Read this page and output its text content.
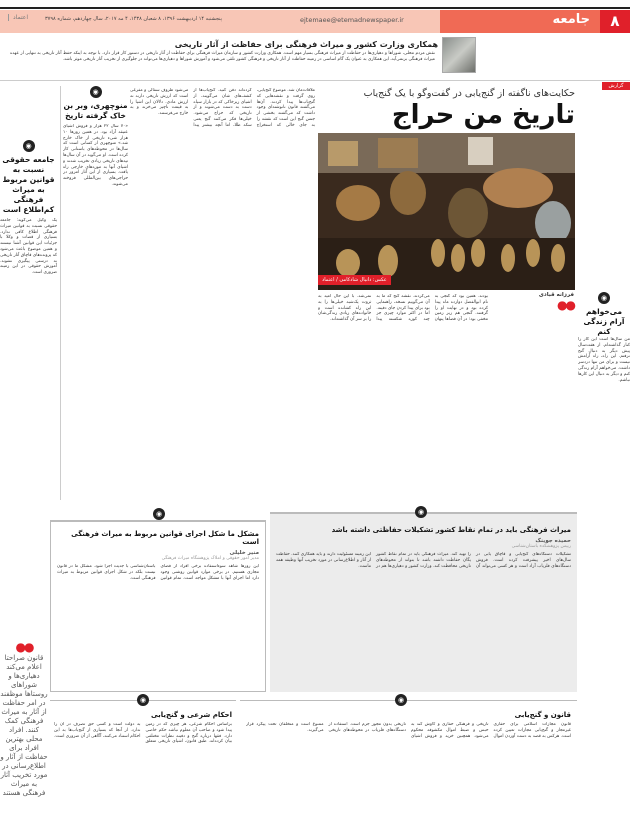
۸
جامعه
ejtemaee@etemadnewspaper.ir
پنجشنبه ۱۴ اردیبهشت ۱۳۹۶، ۸ شعبان ۱۴۳۸، ۴ مه ۲۰۱۷، سال چهاردهم، شماره ۳۷۹۸
اعتماد
همکاری وزارت کشور و میراث فرهنگی برای حفاظت از آثار تاریخی
نقش مردم محلی، شوراها و دهیاری‌ها در حفاظت از میراث فرهنگی بسیار مهم است. همکاری وزارت کشور و سازمان میراث فرهنگی برای حفاظت از آثار تاریخی در دستور کار قرار دارد. با توجه به اینکه حفظ آثار تاریخی به تنهایی از عهده میراث فرهنگی برنمی‌آید، این همکاری به عنوان یک گام اساسی در زمینه حفاظت از آثار تاریخی و فرهنگی کشور تلقی می‌شود و آموزش شوراها و دهیاری‌ها می‌تواند در جلوگیری از تخریب آثار تاریخی موثر باشد.
گزارش
حکایت‌های ناگفته از گنج‌یابی در گفت‌وگو با یک گنج‌یاب
تاریخ من حراج
عکس: دانیال شادکامی / اعتماد
ملاقات‌مان شد. موضوع گنج‌یابی، روی گرفت و نقشه‌هایی که گنج‌یاب‌ها پیدا کردند. آن‌ها می‌گفتند قانون نانوشته‌ای وجود داشت که می‌گفتند بخشی از جنس گنج این است که نقشه را به جای خالی که استخراج کرده‌اند دفن کنید. گنج‌یاب‌ها از کشف‌های شان می‌گویند، از اشیای زیرخاکی که در بازار سیاه دست به دست می‌شوند و از تاریخی که حراج می‌شود. خیلی‌ها فکر می‌کنند گنج یعنی سکه طلا، اما آنچه بیشتر پیدا می‌شود ظروف سفالی و مفرغی است که ارزش تاریخی دارند نه ارزش مادی. دلالان این اشیا را به قیمت ناچیز می‌خرند و به خارج می‌فرستند.
بودند. همین بود که گنجی به نام ابوالفضل دوازده ماه پیدا کرده بود و در نهایت او را گرفتند. گنجی هم زیر زمین مخفی بود؛ در آن فضاها پنهان می‌کردند. نقشه گنج که ما به آن می‌گوییم نسخه، راهنمایی بود برای پیدا کردن جای دفینه. اما در اکثر موارد چیزی جز چند کوزه شکسته پیدا نمی‌شد. با این حال امید به ثروت یک‌شبه خیلی‌ها را به این راه کشانده است و خانواده‌های زیادی زندگی‌شان را بر سر آن گذاشته‌اند.
فرزانه قبادی
●●	◉
می‌خواهم آرام زندگی کنم
من سال‌ها است این کار را کنار گذاشته‌ام. از هفت‌سال پیش دیگر به دنبال گنج نرفتم. این راه، راه آرامش نیست و برای من تنها دردسر داشت. می‌خواهم آرام زندگی کنم و دیگر به دنبال این کارها نباشم.
◉
منوچهری، وبر بن خاک گرفته تاریخ
«۷۰ سال ۲۲ هزار و فروش اشیای عتیقه آزاد بود. در همین روزها ۱۰ هزار شیء تاریخی از خاک خارج شد.» منوچهری از کسانی است که سال‌ها در محوطه‌های باستانی کار کرده است. او می‌گوید در آن سال‌ها تپه‌های تاریخی زیادی تخریب شدند و اشیای آنها به موزه‌های خارجی راه یافت. بسیاری از این آثار امروز در حراجی‌های بین‌المللی فروخته می‌شوند.
◉
جامعه حقوقی نسبت به قوانین مربوط به میراث فرهنگی کم‌اطلاع است
یک وکیل می‌گوید: جامعه حقوقی نسبت به قوانین میراث فرهنگی اطلاع کافی ندارد. بسیاری از قضات و وکلا با جزئیات این قوانین آشنا نیستند و همین موضوع باعث می‌شود که پرونده‌های قاچاق آثار تاریخی به درستی پیگیری نشوند. آموزش حقوقی در این زمینه ضروری است.
◉
میراث فرهنگی باید در تمام نقاط کشور تشکیلات حفاظتی داشته باشد
حمیده جوینک
رییس پژوهشکده باستان‌شناسی
تشکیلات دستگاه‌های گنج‌یابی و قاچاق یابی در سال‌های اخیر پیشرفت کرده است. فروش دستگاه‌های فلزیاب آزاد است و هر کسی می‌تواند آن را تهیه کند. میراث فرهنگی باید در تمام نقاط کشور یگان حفاظت داشته باشد تا بتواند از محوطه‌های تاریخی محافظت کند. وزارت کشور و دهیاری‌ها هم در این زمینه مسئولیت دارند و باید همکاری کنند. حفاظت از آثار و اطلاع‌رسانی در مورد تخریب آنها وظیفه همه ماست.
◉
مشکل ما شکل اجرای قوانین مربوط به میراث فرهنگی است
منیر خلیلی
مدیر امور حقوقی و املاک پژوهشگاه میراث فرهنگی
این روزها شاهد سوءاستفاده برخی افراد از فضای مجازی هستیم. در برخی موارد قوانین روشنی وجود دارد اما اجرای آنها با مشکل مواجه است. تمام قوانین باستان‌شناسی با جدیت اجرا شود. مشکل ما در قانون نیست بلکه در شکل اجرای قوانین مربوط به میراث فرهنگی است.
●●
قانون صراحتا اعلام می‌کند دهیاری‌ها و شوراهای روستاها موظفند در امر حفاظت از آثار به میراث فرهنگی کمک کنند. افراد محلی بهترین افراد برای حفاظت از آثار و اطلاع‌رسانی در مورد تخریب آثار به میراث فرهنگی هستند
◉
احکام شرعی و گنج‌یابی
براساس احکام شرعی، هر چیزی که در زمین پیدا شود و صاحب آن معلوم نباشد حکم خاصی دارد. فقها درباره گنج و دفینه نظرات مختلفی بیان کرده‌اند. طبق قانون، اشیای تاریخی متعلق به دولت است و کسی حق تصرف در آن را ندارد. از آنجا که بسیاری از گنج‌یاب‌ها به این احکام استناد می‌کنند، آگاهی از آن ضروری است.
◉
قانون و گنج‌یابی
قانون مجازات اسلامی برای حفاری غیرمجاز و گنج‌یابی مجازات تعیین کرده است. هرکس به قصد به دست آوردن اموال تاریخی و فرهنگی حفاری و کاوش کند به حبس و ضبط اموال مکشوفه محکوم می‌شود. همچنین خرید و فروش اشیای تاریخی بدون مجوز جرم است. استفاده از دستگاه‌های فلزیاب در محوطه‌های تاریخی ممنوع است و متخلفان تحت پیگرد قرار می‌گیرند.
